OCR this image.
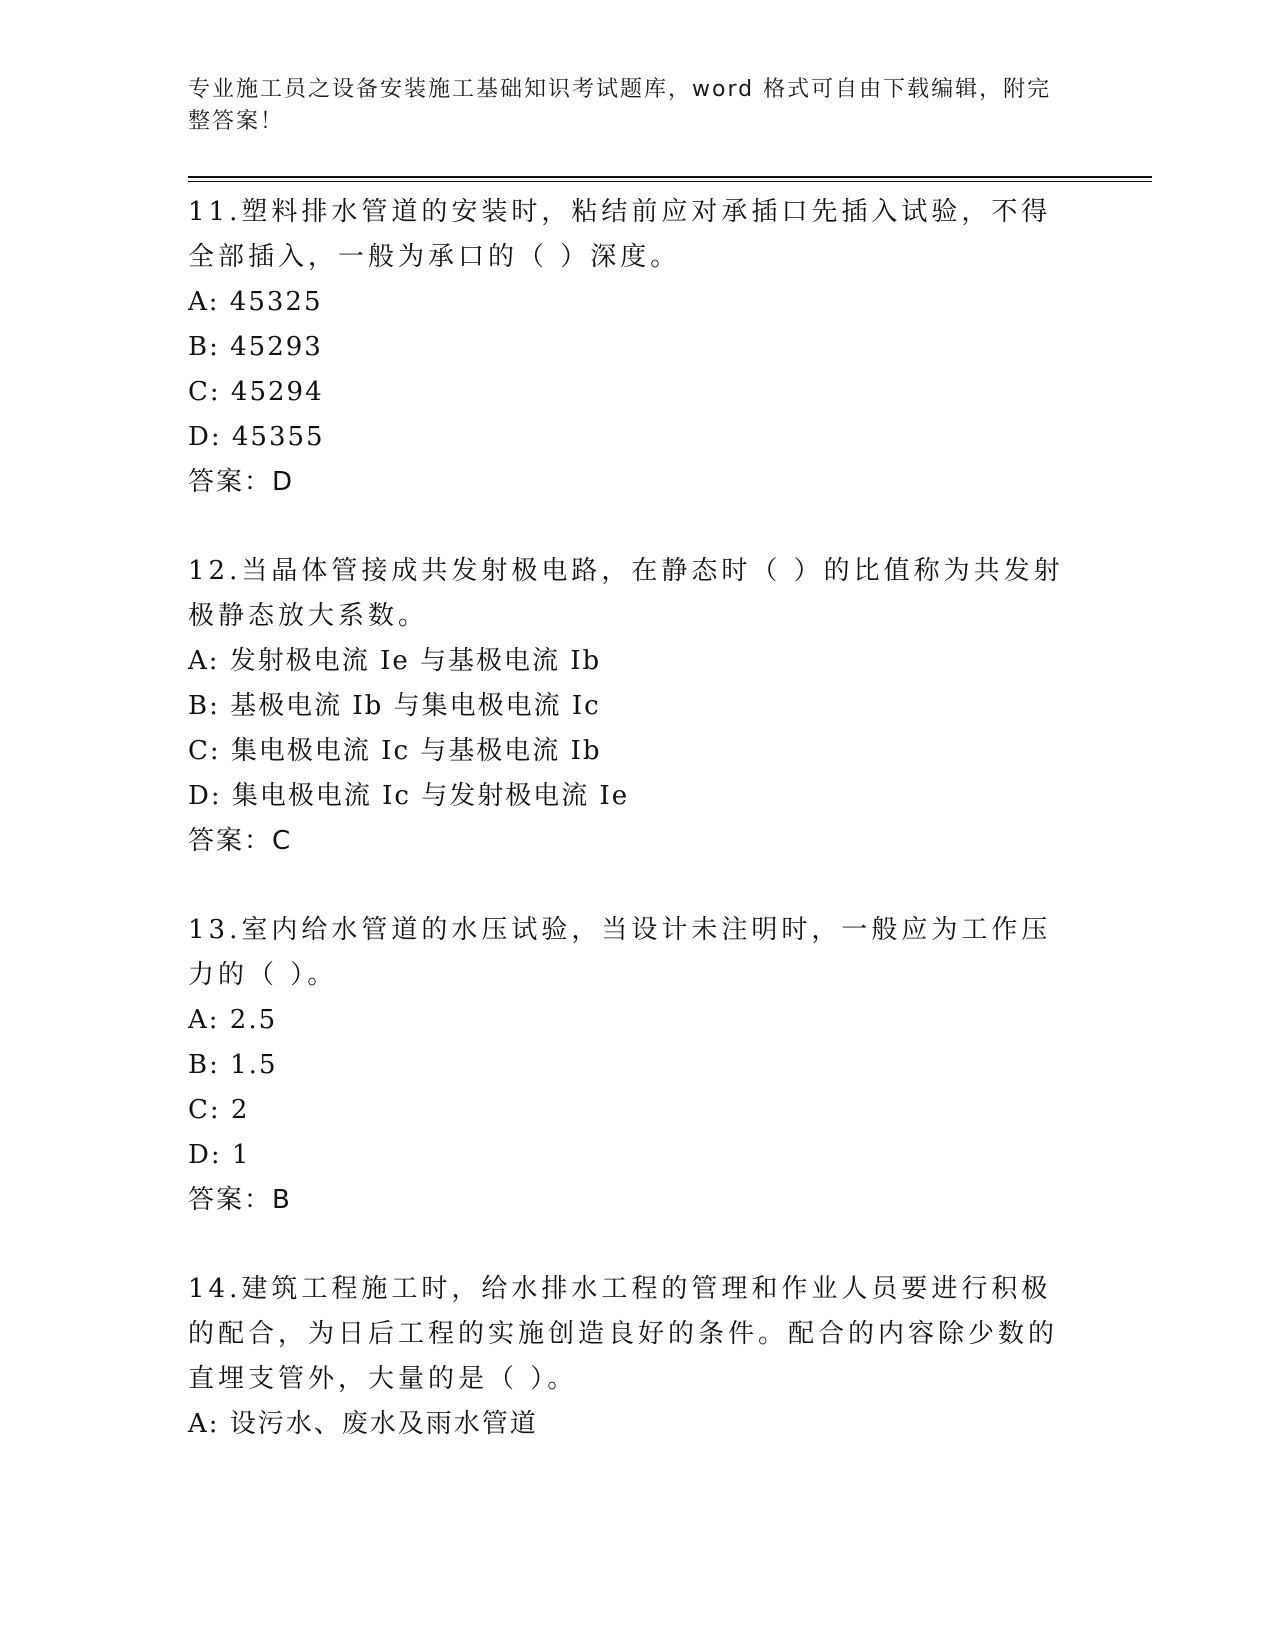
专业施工员之设备安装施工基础知识考试题库，word 格式可自由下载编辑，附完整答案！
11.塑料排水管道的安装时，粘结前应对承插口先插入试验，不得全部插入，一般为承口的（ ）深度。
A: 45325
B: 45293
C: 45294
D: 45355
答案：D
12.当晶体管接成共发射极电路，在静态时（ ）的比值称为共发射极静态放大系数。
A: 发射极电流 Ie 与基极电流 Ib
B: 基极电流 Ib 与集电极电流 Ic
C: 集电极电流 Ic 与基极电流 Ib
D: 集电极电流 Ic 与发射极电流 Ie
答案：C
13.室内给水管道的水压试验，当设计未注明时，一般应为工作压力的（ ）。
A: 2.5
B: 1.5
C: 2
D: 1
答案：B
14.建筑工程施工时，给水排水工程的管理和作业人员要进行积极的配合，为日后工程的实施创造良好的条件。配合的内容除少数的直埋支管外，大量的是（ ）。
A: 设污水、废水及雨水管道
